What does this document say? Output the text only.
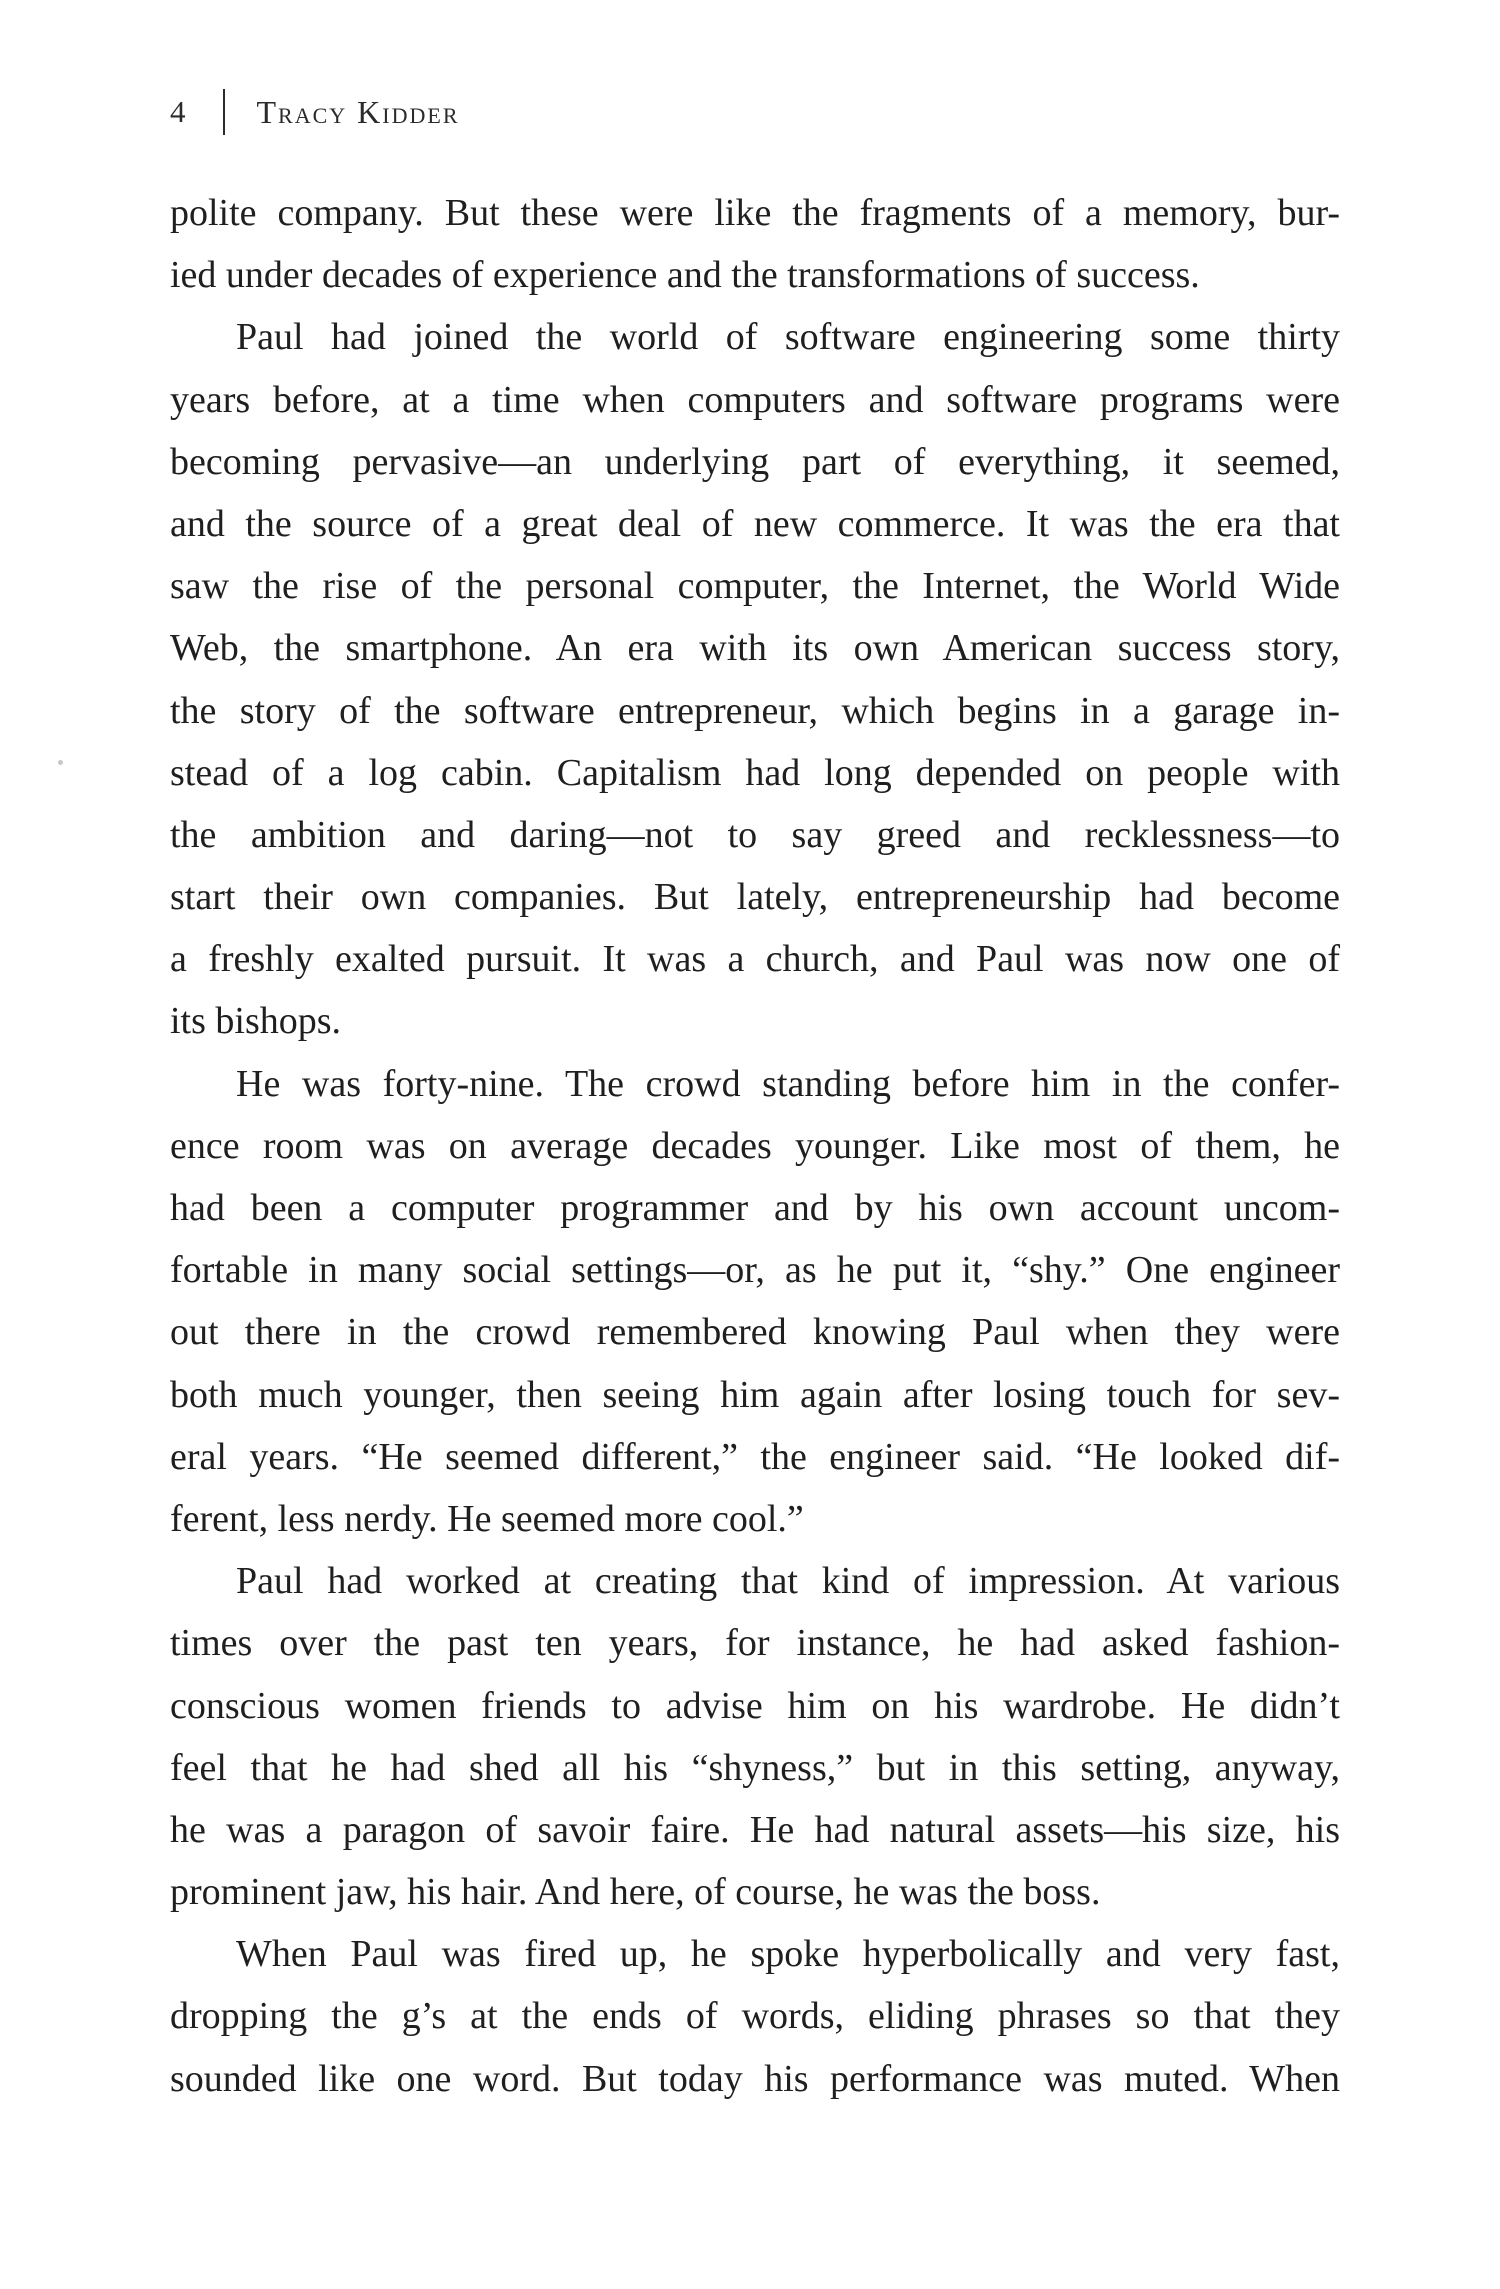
4 Tracy Kidder
polite company. But these were like the fragments of a memory, bur-
ied under decades of experience and the transformations of success.
Paul had joined the world of software engineering some thirty
years before, at a time when computers and software programs were
becoming pervasive—an underlying part of everything, it seemed,
and the source of a great deal of new commerce. It was the era that
saw the rise of the personal computer, the Internet, the World Wide
Web, the smartphone. An era with its own American success story,
the story of the software entrepreneur, which begins in a garage in-
stead of a log cabin. Capitalism had long depended on people with
the ambition and daring—not to say greed and recklessness—to
start their own companies. But lately, entrepreneurship had become
a freshly exalted pursuit. It was a church, and Paul was now one of
its bishops.
He was forty-nine. The crowd standing before him in the confer-
ence room was on average decades younger. Like most of them, he
had been a computer programmer and by his own account uncom-
fortable in many social settings—or, as he put it, “shy.” One engineer
out there in the crowd remembered knowing Paul when they were
both much younger, then seeing him again after losing touch for sev-
eral years. “He seemed different,” the engineer said. “He looked dif-
ferent, less nerdy. He seemed more cool.”
Paul had worked at creating that kind of impression. At various
times over the past ten years, for instance, he had asked fashion-
conscious women friends to advise him on his wardrobe. He didn’t
feel that he had shed all his “shyness,” but in this setting, anyway,
he was a paragon of savoir faire. He had natural assets—his size, his
prominent jaw, his hair. And here, of course, he was the boss.
When Paul was fired up, he spoke hyperbolically and very fast,
dropping the g’s at the ends of words, eliding phrases so that they
sounded like one word. But today his performance was muted. When
